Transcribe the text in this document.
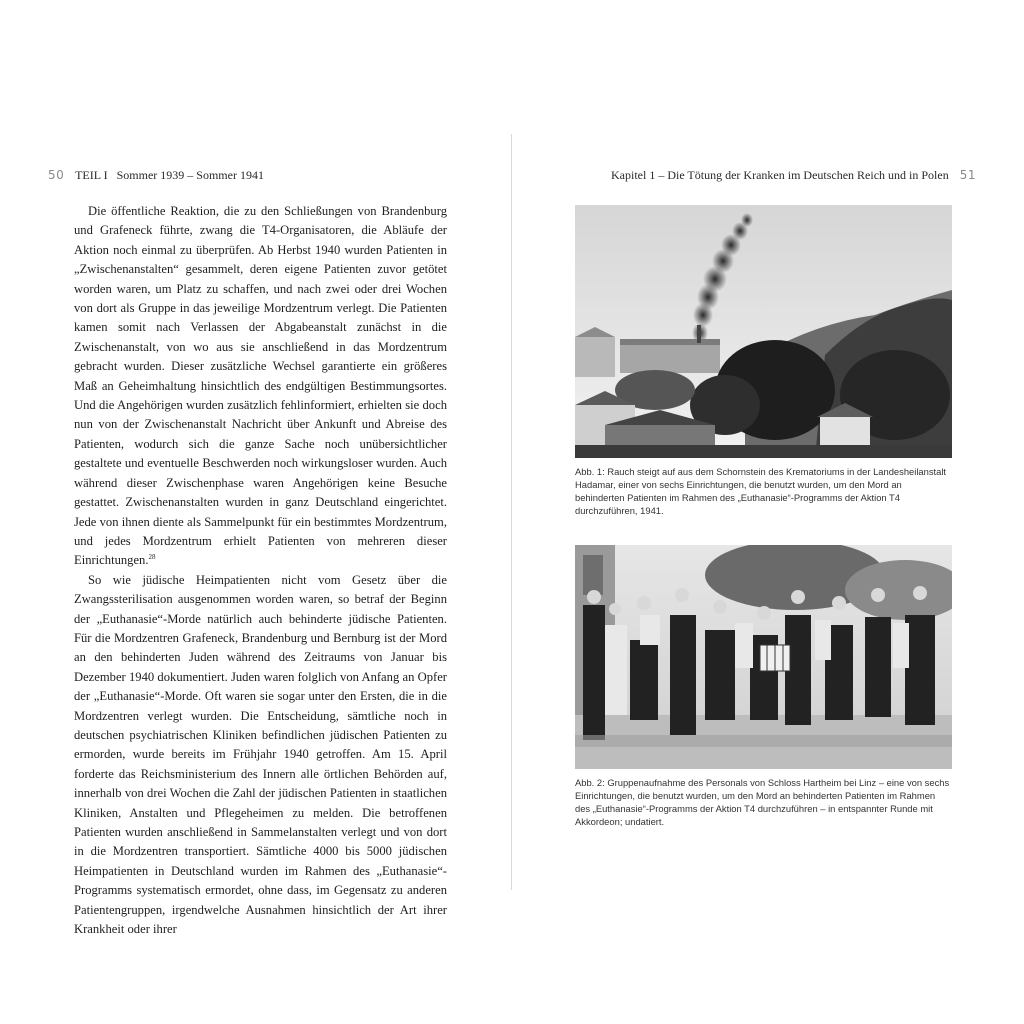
50 TEIL I Sommer 1939 – Sommer 1941	Kapitel 1 – Die Tötung der Kranken im Deutschen Reich und in Polen 51

Die öffentliche Reaktion, die zu den Schließungen von Brandenburg und Grafeneck führte, zwang die T4-Organisatoren, die Abläufe der Aktion noch einmal zu überprüfen. Ab Herbst 1940 wurden Patienten in „Zwischenanstalten“ gesammelt, deren eigene Patienten zuvor getötet worden waren, um Platz zu schaffen, und nach zwei oder drei Wochen von dort als Gruppe in das jeweilige Mordzentrum verlegt. Die Patienten kamen somit nach Verlassen der Abgabeanstalt zunächst in die Zwischenanstalt, von wo aus sie anschließend in das Mordzentrum gebracht wurden. Dieser zusätzliche Wechsel garantierte ein größeres Maß an Geheimhaltung hinsichtlich des endgültigen Bestimmungsortes. Und die Angehörigen wurden zusätzlich fehlinformiert, erhielten sie doch nun von der Zwischenanstalt Nachricht über Ankunft und Abreise des Patienten, wodurch sich die ganze Sache noch unübersichtlicher gestaltete und eventuelle Beschwerden noch wirkungsloser wurden. Auch während dieser Zwischenphase waren Angehörigen keine Besuche gestattet. Zwischenanstalten wurden in ganz Deutschland eingerichtet. Jede von ihnen diente als Sammelpunkt für ein bestimmtes Mordzentrum, und jedes Mordzentrum erhielt Patienten von mehreren dieser Einrichtungen.$^{28}$

So wie jüdische Heimpatienten nicht vom Gesetz über die Zwangssterilisation ausgenommen worden waren, so betraf der Beginn der „Euthanasie“-Morde natürlich auch behinderte jüdische Patienten. Für die Mordzentren Grafeneck, Brandenburg und Bernburg ist der Mord an den behinderten Juden während des Zeitraums von Januar bis Dezember 1940 dokumentiert. Juden waren folglich von Anfang an Opfer der „Euthanasie“-Morde. Oft waren sie sogar unter den Ersten, die in die Mordzentren verlegt wurden. Die Entscheidung, sämtliche noch in deutschen psychiatrischen Kliniken befindlichen jüdischen Patienten zu ermorden, wurde bereits im Frühjahr 1940 getroffen. Am 15. April forderte das Reichsministerium des Innern alle örtlichen Behörden auf, innerhalb von drei Wochen die Zahl der jüdischen Patienten in staatlichen Kliniken, Anstalten und Pflegeheimen zu melden. Die betroffenen Patienten wurden anschließend in Sammelanstalten verlegt und von dort in die Mordzentren transportiert. Sämtliche 4000 bis 5000 jüdischen Heimpatienten in Deutschland wurden im Rahmen des „Euthanasie“-Programms systematisch ermordet, ohne dass, im Gegensatz zu anderen Patientengruppen, irgendwelche Ausnahmen hinsichtlich der Art ihrer Krankheit oder ihrer

Abb. 1: Rauch steigt auf aus dem Schornstein des Krematoriums in der Landesheilanstalt Hadamar, einer von sechs Einrichtungen, die benutzt wurden, um den Mord an behinderten Patienten im Rahmen des „Euthanasie“-Programms der Aktion T4 durchzuführen, 1941.
Abb. 2: Gruppenaufnahme des Personals von Schloss Hartheim bei Linz – eine von sechs Einrichtungen, die benutzt wurden, um den Mord an behinderten Patienten im Rahmen des „Euthanasie“-Programms der Aktion T4 durchzuführen – in entspannter Runde mit Akkordeon; undatiert.
